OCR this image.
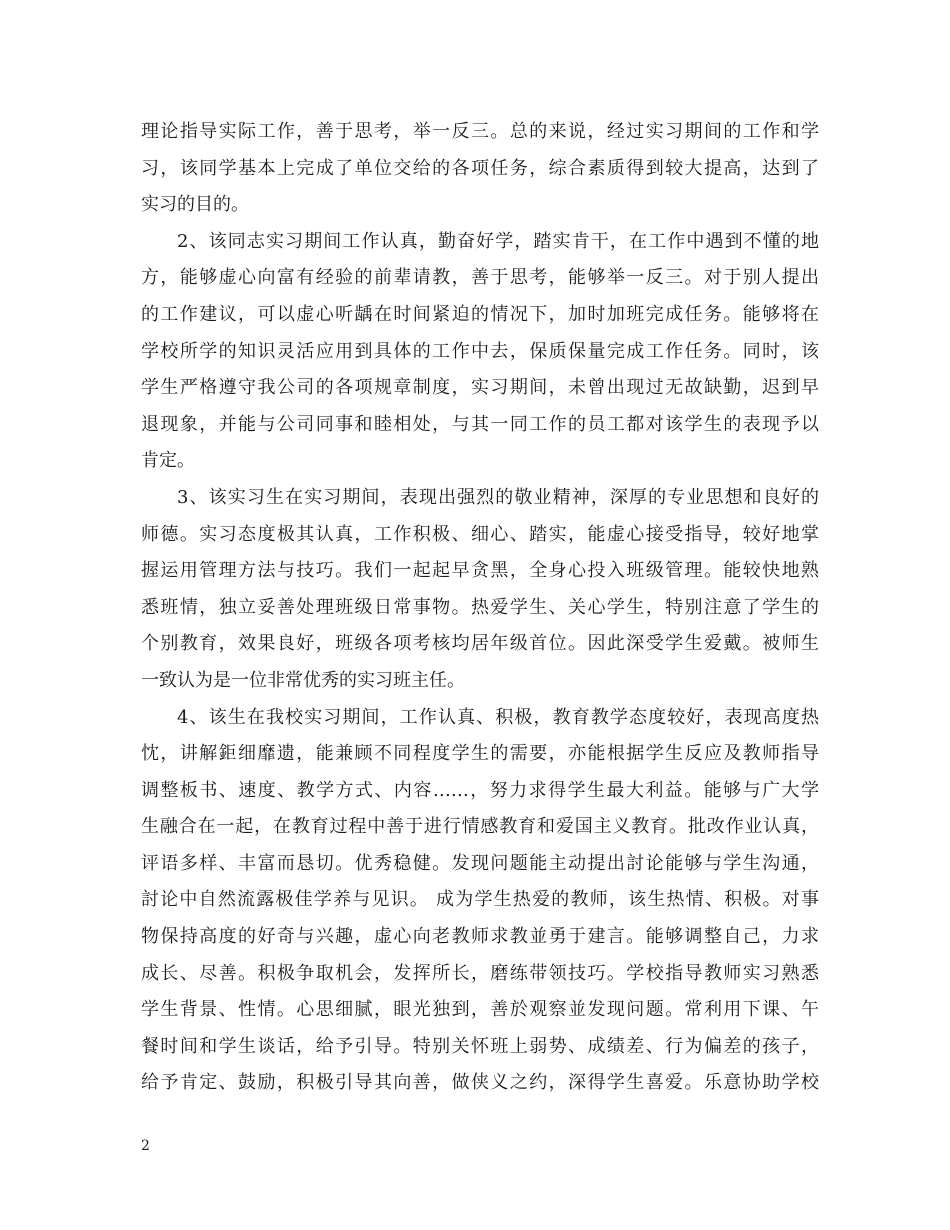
理论指导实际工作，善于思考，举一反三。总的来说，经过实习期间的工作和学
习，该同学基本上完成了单位交给的各项任务，综合素质得到较大提高，达到了
实习的目的。
2、该同志实习期间工作认真，勤奋好学，踏实肯干，在工作中遇到不懂的地
方，能够虚心向富有经验的前辈请教，善于思考，能够举一反三。对于别人提出
的工作建议，可以虚心听龋在时间紧迫的情况下，加时加班完成任务。能够将在
学校所学的知识灵活应用到具体的工作中去，保质保量完成工作任务。同时，该
学生严格遵守我公司的各项规章制度，实习期间，未曾出现过无故缺勤，迟到早
退现象，并能与公司同事和睦相处，与其一同工作的员工都对该学生的表现予以
肯定。
3、该实习生在实习期间，表现出强烈的敬业精神，深厚的专业思想和良好的
师德。实习态度极其认真，工作积极、细心、踏实，能虚心接受指导，较好地掌
握运用管理方法与技巧。我们一起起早贪黑，全身心投入班级管理。能较快地熟
悉班情，独立妥善处理班级日常事物。热爱学生、关心学生，特别注意了学生的
个别教育，效果良好，班级各项考核均居年级首位。因此深受学生爱戴。被师生
一致认为是一位非常优秀的实习班主任。
4、该生在我校实习期间，工作认真、积极，教育教学态度较好，表现高度热
忱，讲解鉅细靡遗，能兼顾不同程度学生的需要，亦能根据学生反应及教师指导
调整板书、速度、教学方式、内容……，努力求得学生最大利益。能够与广大学
生融合在一起，在教育过程中善于进行情感教育和爱国主义教育。批改作业认真，
评语多样、丰富而恳切。优秀稳健。发现问题能主动提出討论能够与学生沟通，
討论中自然流露极佳学养与见识。 成为学生热爱的教师，该生热情、积极。对事
物保持高度的好奇与兴趣，虚心向老教师求教並勇于建言。能够调整自己，力求
成长、尽善。积极争取机会，发挥所长，磨练带领技巧。学校指导教师实习熟悉
学生背景、性情。心思细腻，眼光独到，善於观察並发现问题。常利用下课、午
餐时间和学生谈话，给予引导。特别关怀班上弱势、成绩差、行为偏差的孩子，
给予肯定、鼓励，积极引导其向善，做侠义之约，深得学生喜爱。乐意协助学校
2
